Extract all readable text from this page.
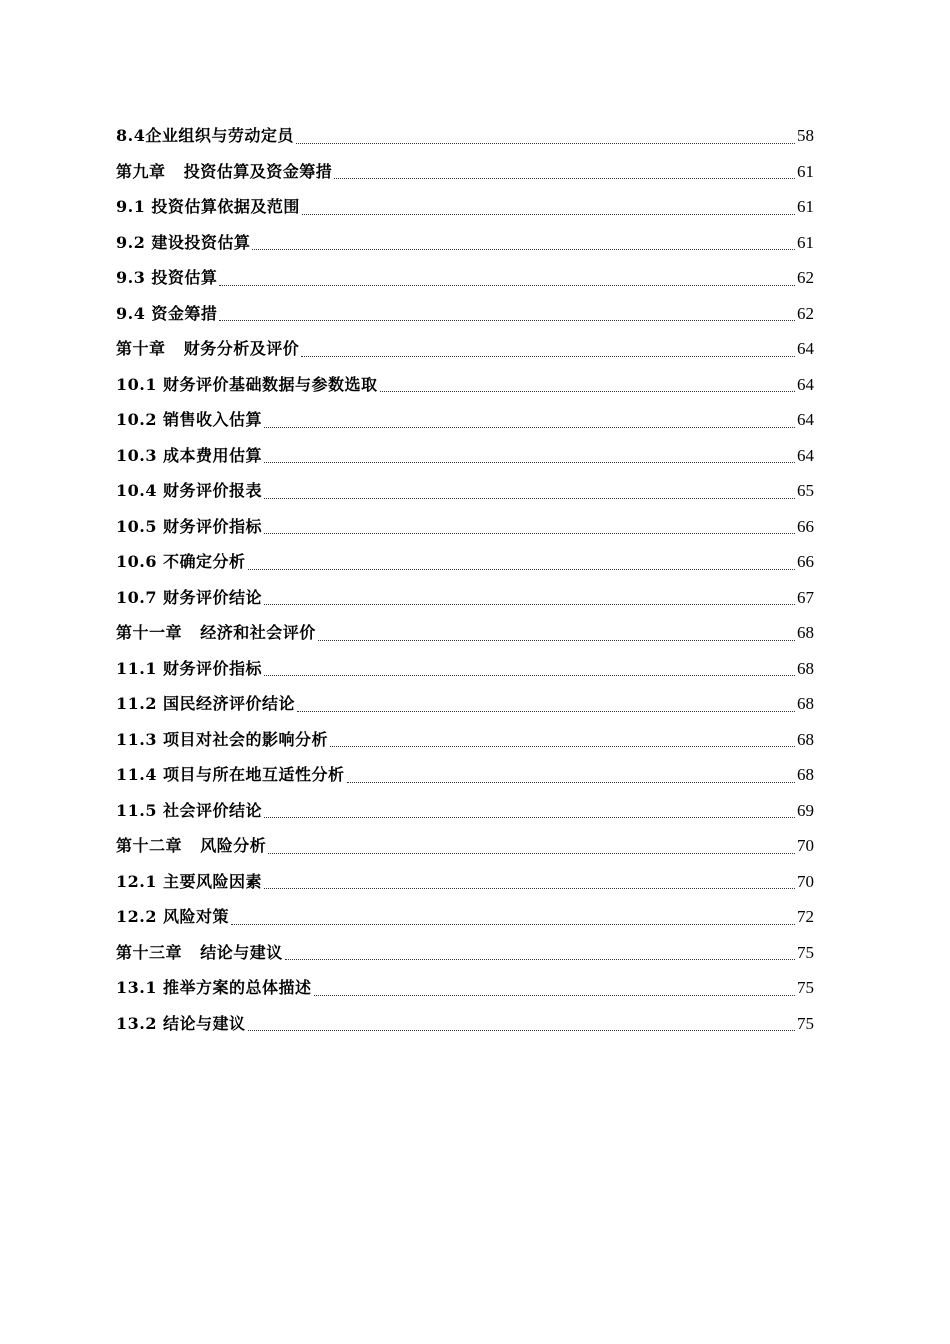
8.4企业组织与劳动定员	58
第九章   投资估算及资金筹措	61
9.1 投资估算依据及范围	61
9.2 建设投资估算	61
9.3 投资估算	62
9.4 资金筹措	62
第十章   财务分析及评价	64
10.1 财务评价基础数据与参数选取	64
10.2 销售收入估算	64
10.3 成本费用估算	64
10.4 财务评价报表	65
10.5 财务评价指标	66
10.6 不确定分析	66
10.7 财务评价结论	67
第十一章   经济和社会评价	68
11.1 财务评价指标	68
11.2 国民经济评价结论	68
11.3 项目对社会的影响分析	68
11.4 项目与所在地互适性分析	68
11.5 社会评价结论	69
第十二章   风险分析	70
12.1 主要风险因素	70
12.2 风险对策	72
第十三章   结论与建议	75
13.1 推举方案的总体描述	75
13.2 结论与建议	75
